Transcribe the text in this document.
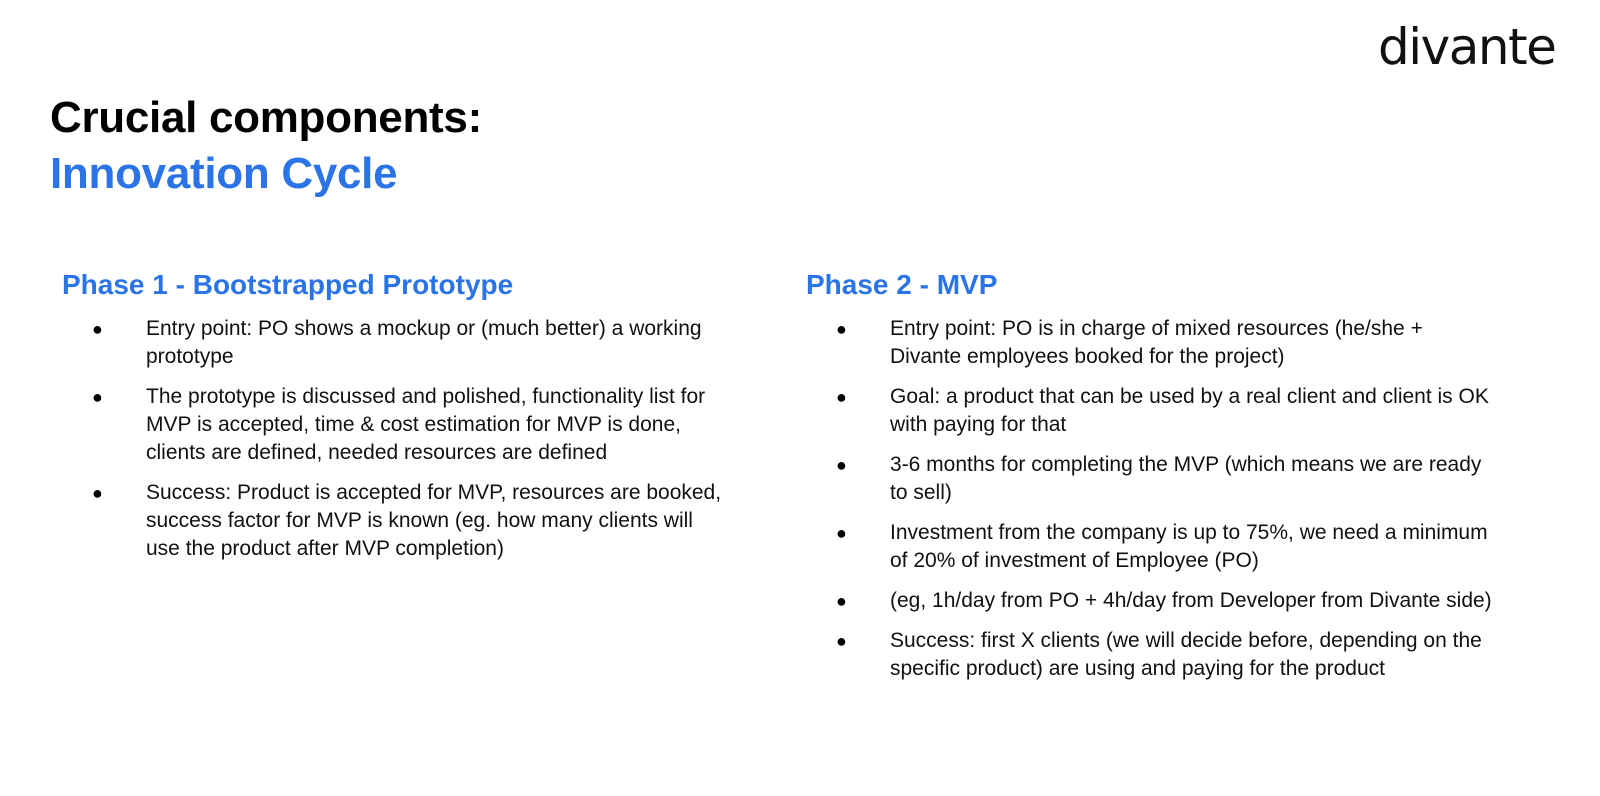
divante
Crucial components:
Innovation Cycle
Phase 1 - Bootstrapped Prototype
● Entry point: PO shows a mockup or (much better) a working prototype
● The prototype is discussed and polished, functionality list for MVP is accepted, time & cost estimation for MVP is done, clients are defined, needed resources are defined
● Success: Product is accepted for MVP, resources are booked, success factor for MVP is known (eg. how many clients will use the product after MVP completion)
Phase 2 - MVP
● Entry point: PO is in charge of mixed resources (he/she + Divante employees booked for the project)
● Goal: a product that can be used by a real client and client is OK with paying for that
● 3-6 months for completing the MVP (which means we are ready to sell)
● Investment from the company is up to 75%, we need a minimum of 20% of investment of Employee (PO)
● (eg, 1h/day from PO + 4h/day from Developer from Divante side)
● Success: first X clients (we will decide before, depending on the specific product) are using and paying for the product
